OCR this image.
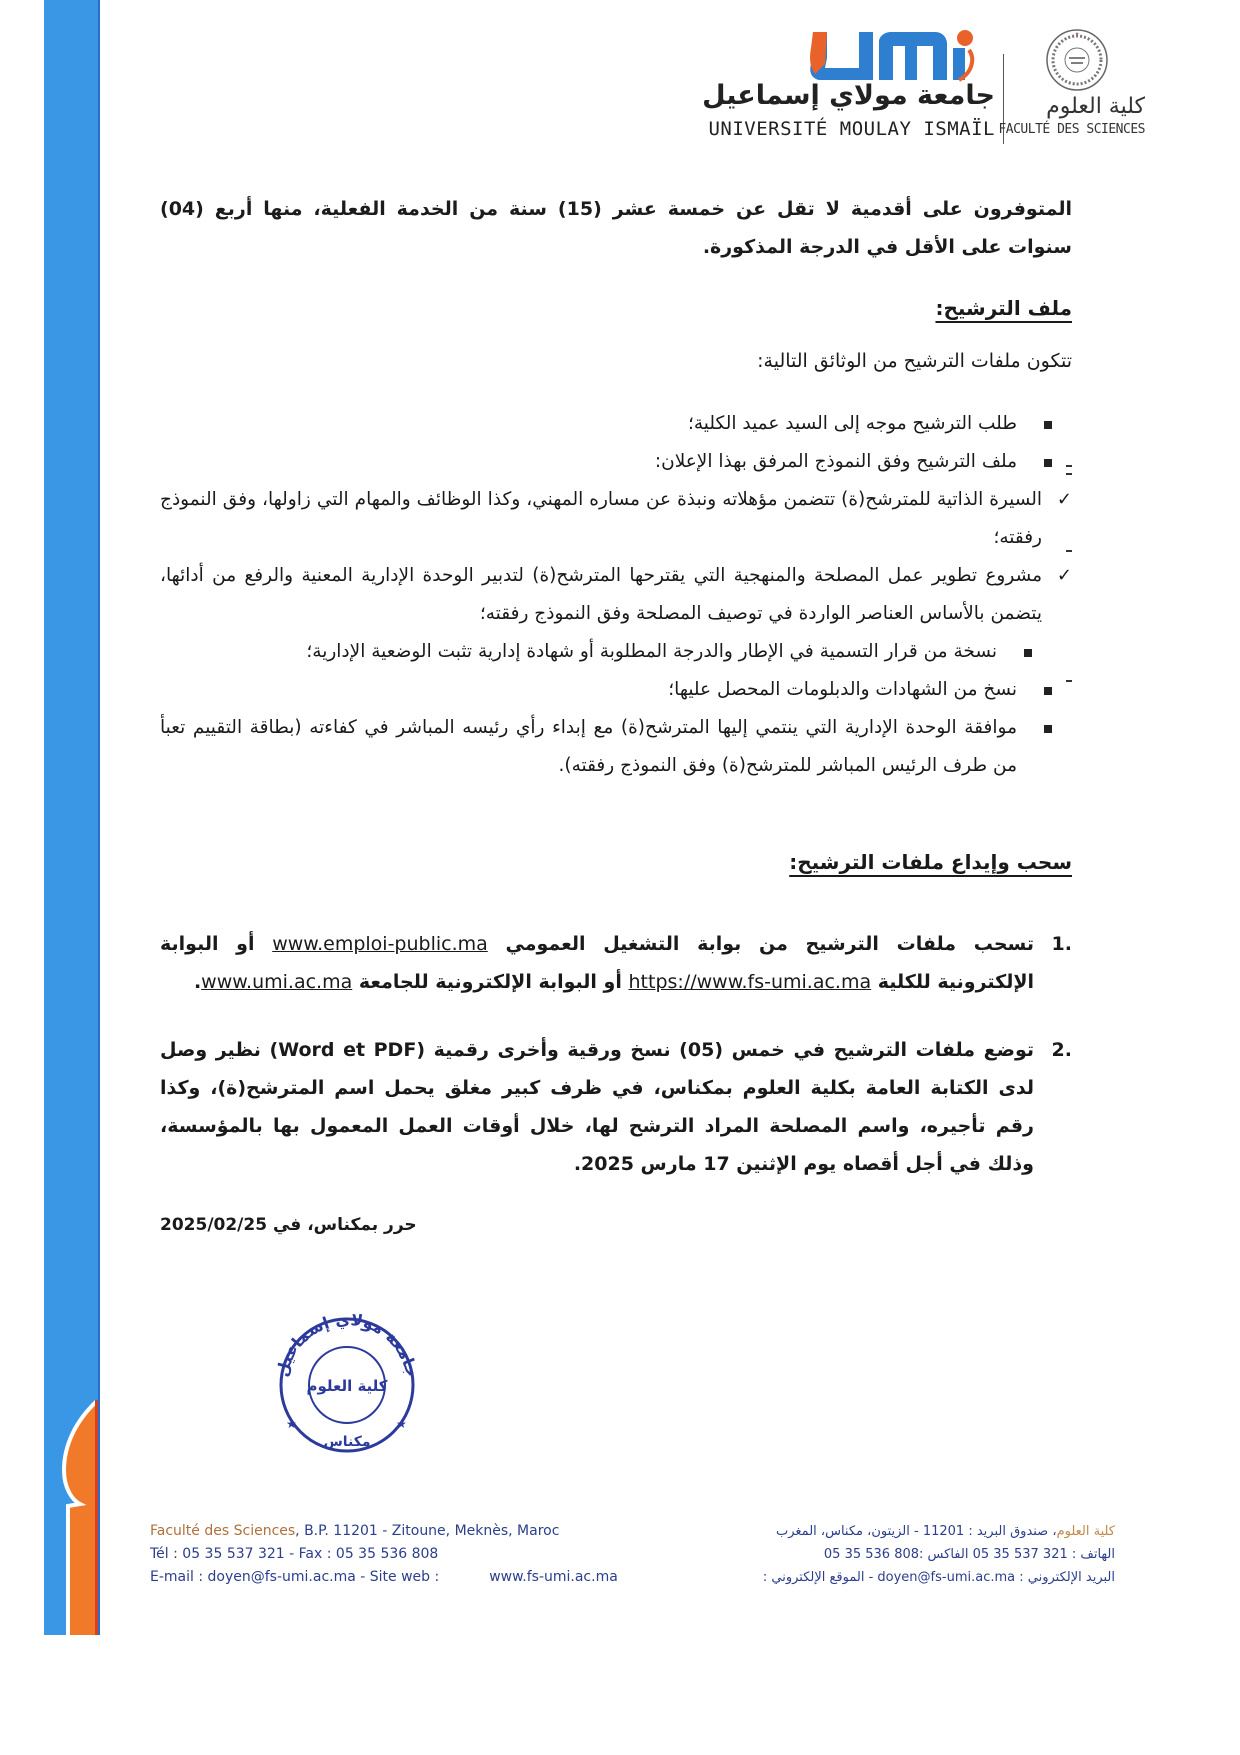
جامعة مولاي إسماعيل
UNIVERSITÉ MOULAY ISMAÏL
✦
كلية العلوم
FACULTÉ DES SCIENCES
المتوفرون على أقدمية لا تقل عن خمسة عشر (15) سنة من الخدمة الفعلية، منها أربع (04) سنوات على الأقل في الدرجة المذكورة.
ملف الترشيح:
تتكون ملفات الترشيح من الوثائق التالية:
طلب الترشيح موجه إلى السيد عميد الكلية؛
ملف الترشيح وفق النموذج المرفق بهذا الإعلان:
✓
السيرة الذاتية للمترشح(ة) تتضمن مؤهلاته ونبذة عن مساره المهني، وكذا الوظائف والمهام التي زاولها، وفق النموذج رفقته؛
✓
مشروع تطوير عمل المصلحة والمنهجية التي يقترحها المترشح(ة) لتدبير الوحدة الإدارية المعنية والرفع من أدائها، يتضمن بالأساس العناصر الواردة في توصيف المصلحة وفق النموذج رفقته؛
نسخة من قرار التسمية في الإطار والدرجة المطلوبة أو شهادة إدارية تثبت الوضعية الإدارية؛
نسخ من الشهادات والدبلومات المحصل عليها؛
موافقة الوحدة الإدارية التي ينتمي إليها المترشح(ة) مع إبداء رأي رئيسه المباشر في كفاءته (بطاقة التقييم تعبأ من طرف الرئيس المباشر للمترشح(ة) وفق النموذج رفقته).
سحب وإيداع ملفات الترشيح:
1.
تسحب ملفات الترشيح من بوابة التشغيل العمومي www.emploi-public.ma أو البوابة الإلكترونية للكلية https://www.fs-umi.ac.ma أو البوابة الإلكترونية للجامعة www.umi.ac.ma.
2.
توضع ملفات الترشيح في خمس (05) نسخ ورقية وأخرى رقمية (Word et PDF) نظير وصل لدى الكتابة العامة بكلية العلوم بمكناس، في ظرف كبير مغلق يحمل اسم المترشح(ة)، وكذا رقم تأجيره، واسم المصلحة المراد الترشح لها، خلال أوقات العمل المعمول بها بالمؤسسة، وذلك في أجل أقصاه يوم الإثنين 17 مارس 2025.
حرر بمكناس، في 2025/02/25
جامعة مولاي إسماعيل
كلية العلوم
مكناس
★	★
Faculté des Sciences, B.P. 11201 - Zitoune, Meknès, Maroc
Tél : 05 35 537 321 - Fax : 05 35 536 808
E-mail : doyen@fs-umi.ac.ma - Site web :	www.fs-umi.ac.ma
كلية العلوم، صندوق البريد : 11201 - الزيتون، مكناس، المغرب
الهاتف : 321 537 35 05 الفاكس :808 536 35 05
البريد الإلكتروني : doyen@fs-umi.ac.ma - الموقع الإلكتروني :
